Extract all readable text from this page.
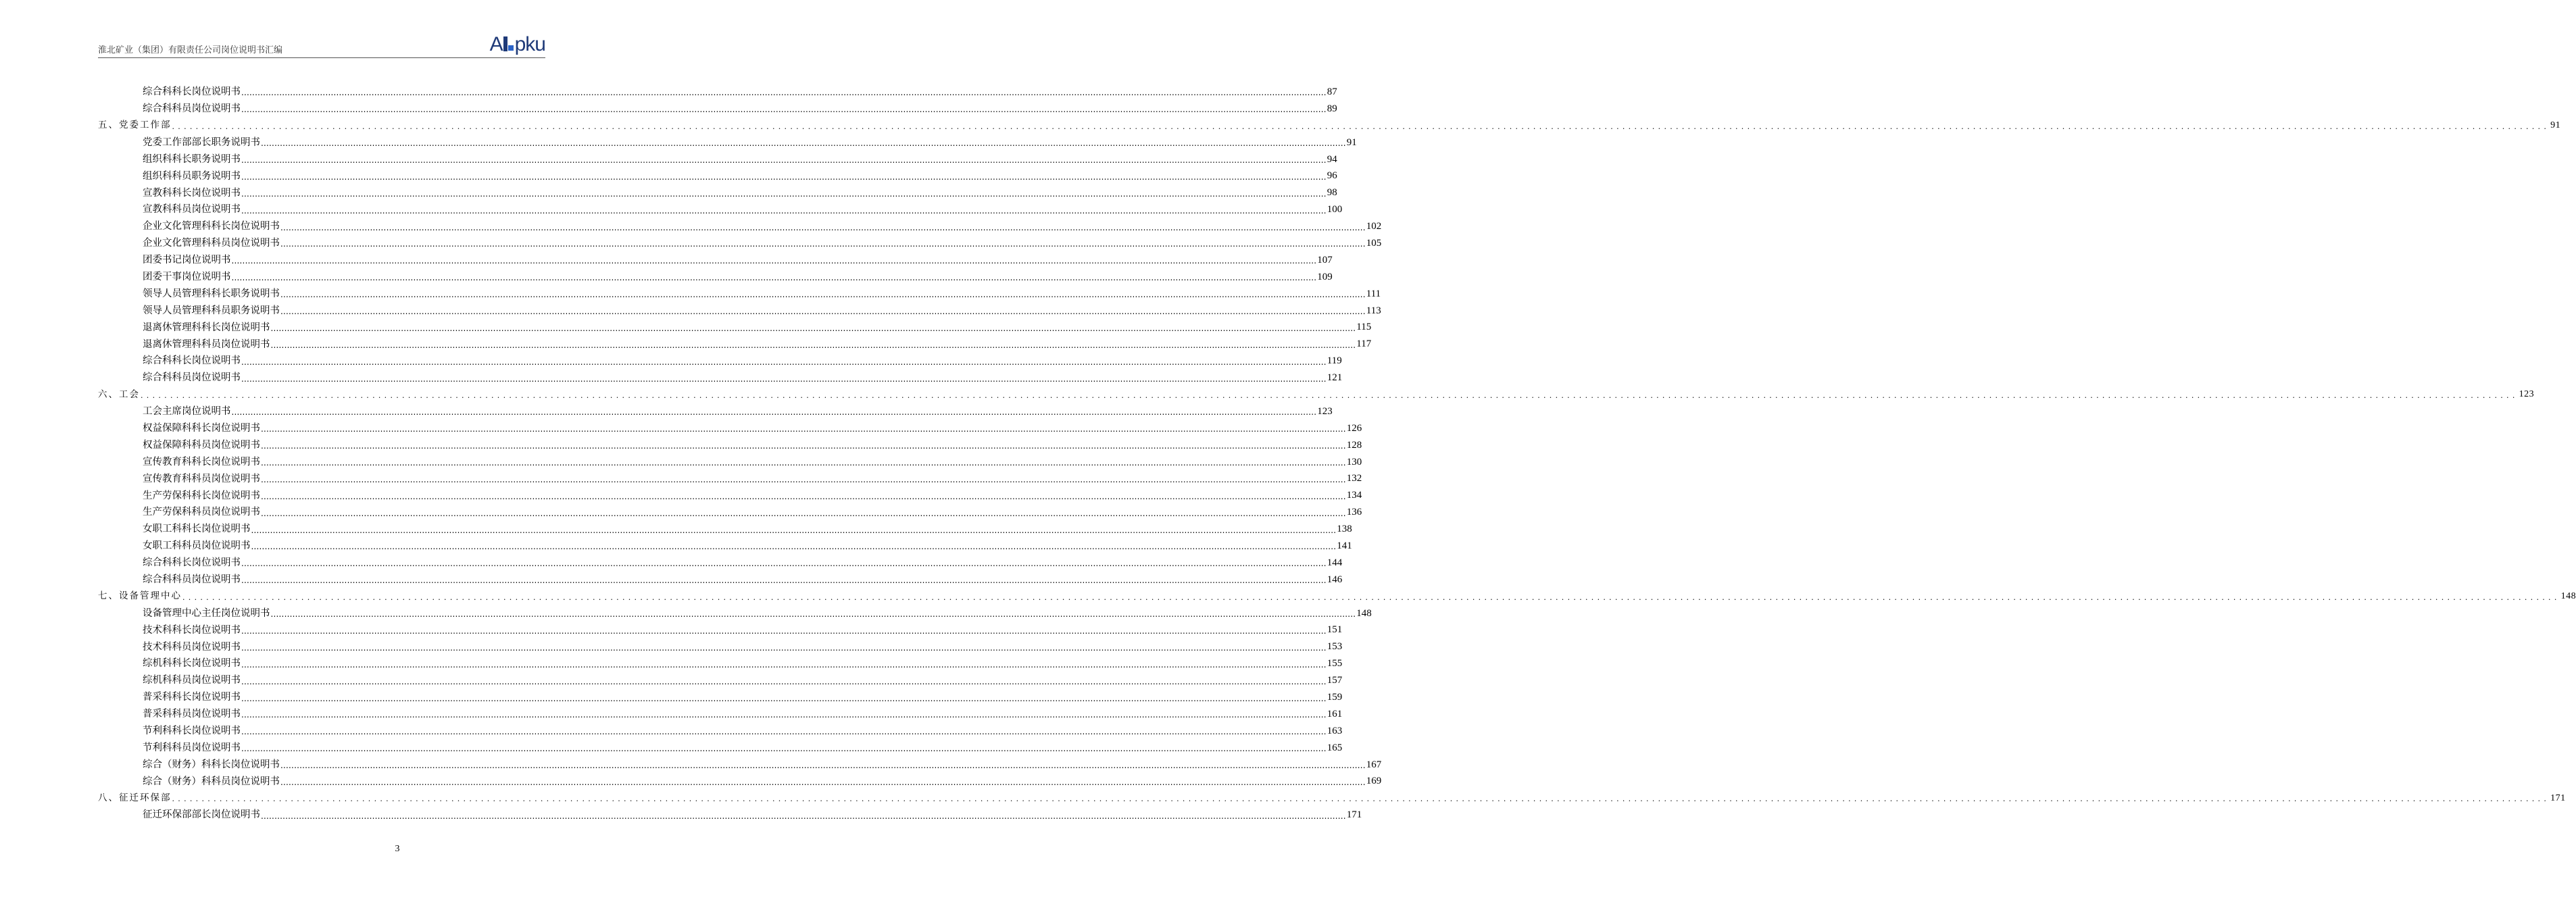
淮北矿业（集团）有限责任公司岗位说明书汇编	A pku
综合科科长岗位说明书 ................................................................................................................................................................................................................................................................................................................................................................................................................ 87
综合科科员岗位说明书 ................................................................................................................................................................................................................................................................................................................................................................................................................ 89
五、党委工作部 ................................................................................................................................................................................................................................................................................................................................................................................................................ 91
党委工作部部长职务说明书 ................................................................................................................................................................................................................................................................................................................................................................................................................ 91
组织科科长职务说明书 ................................................................................................................................................................................................................................................................................................................................................................................................................ 94
组织科科员职务说明书 ................................................................................................................................................................................................................................................................................................................................................................................................................ 96
宣教科科长岗位说明书 ................................................................................................................................................................................................................................................................................................................................................................................................................ 98
宣教科科员岗位说明书 ................................................................................................................................................................................................................................................................................................................................................................................................................ 100
企业文化管理科科长岗位说明书 ................................................................................................................................................................................................................................................................................................................................................................................................................ 102
企业文化管理科科员岗位说明书 ................................................................................................................................................................................................................................................................................................................................................................................................................ 105
团委书记岗位说明书 ................................................................................................................................................................................................................................................................................................................................................................................................................ 107
团委干事岗位说明书 ................................................................................................................................................................................................................................................................................................................................................................................................................ 109
领导人员管理科科长职务说明书 ................................................................................................................................................................................................................................................................................................................................................................................................................ 111
领导人员管理科科员职务说明书 ................................................................................................................................................................................................................................................................................................................................................................................................................ 113
退离休管理科科长岗位说明书 ................................................................................................................................................................................................................................................................................................................................................................................................................ 115
退离休管理科科员岗位说明书 ................................................................................................................................................................................................................................................................................................................................................................................................................ 117
综合科科长岗位说明书 ................................................................................................................................................................................................................................................................................................................................................................................................................ 119
综合科科员岗位说明书 ................................................................................................................................................................................................................................................................................................................................................................................................................ 121
六、工会 ................................................................................................................................................................................................................................................................................................................................................................................................................ 123
工会主席岗位说明书 ................................................................................................................................................................................................................................................................................................................................................................................................................ 123
权益保障科科长岗位说明书 ................................................................................................................................................................................................................................................................................................................................................................................................................ 126
权益保障科科员岗位说明书 ................................................................................................................................................................................................................................................................................................................................................................................................................ 128
宣传教育科科长岗位说明书 ................................................................................................................................................................................................................................................................................................................................................................................................................ 130
宣传教育科科员岗位说明书 ................................................................................................................................................................................................................................................................................................................................................................................................................ 132
生产劳保科科长岗位说明书 ................................................................................................................................................................................................................................................................................................................................................................................................................ 134
生产劳保科科员岗位说明书 ................................................................................................................................................................................................................................................................................................................................................................................................................ 136
女职工科科长岗位说明书 ................................................................................................................................................................................................................................................................................................................................................................................................................ 138
女职工科科员岗位说明书 ................................................................................................................................................................................................................................................................................................................................................................................................................ 141
综合科科长岗位说明书 ................................................................................................................................................................................................................................................................................................................................................................................................................ 144
综合科科员岗位说明书 ................................................................................................................................................................................................................................................................................................................................................................................................................ 146
七、设备管理中心 ................................................................................................................................................................................................................................................................................................................................................................................................................ 148
设备管理中心主任岗位说明书 ................................................................................................................................................................................................................................................................................................................................................................................................................ 148
技术科科长岗位说明书 ................................................................................................................................................................................................................................................................................................................................................................................................................ 151
技术科科员岗位说明书 ................................................................................................................................................................................................................................................................................................................................................................................................................ 153
综机科科长岗位说明书 ................................................................................................................................................................................................................................................................................................................................................................................................................ 155
综机科科员岗位说明书 ................................................................................................................................................................................................................................................................................................................................................................................................................ 157
普采科科长岗位说明书 ................................................................................................................................................................................................................................................................................................................................................................................................................ 159
普采科科员岗位说明书 ................................................................................................................................................................................................................................................................................................................................................................................................................ 161
节利科科长岗位说明书 ................................................................................................................................................................................................................................................................................................................................................................................................................ 163
节利科科员岗位说明书 ................................................................................................................................................................................................................................................................................................................................................................................................................ 165
综合（财务）科科长岗位说明书 ................................................................................................................................................................................................................................................................................................................................................................................................................ 167
综合（财务）科科员岗位说明书 ................................................................................................................................................................................................................................................................................................................................................................................................................ 169
八、征迁环保部 ................................................................................................................................................................................................................................................................................................................................................................................................................ 171
征迁环保部部长岗位说明书 ................................................................................................................................................................................................................................................................................................................................................................................................................ 171
3
